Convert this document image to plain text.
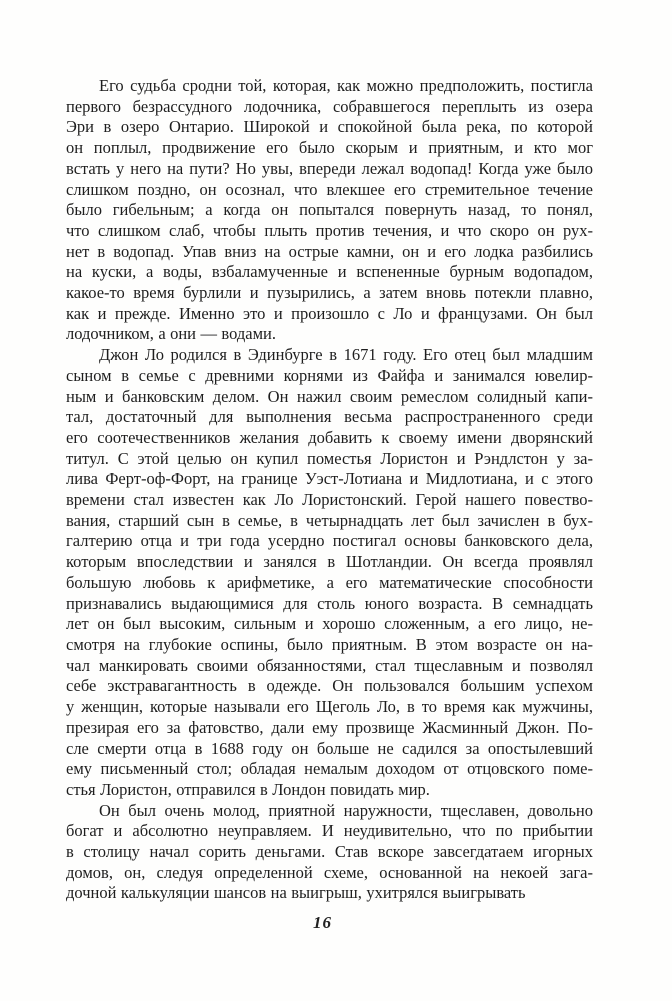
Его судьба сродни той, которая, как можно предположить, постигла
первого безрассудного лодочника, собравшегося переплыть из озера
Эри в озеро Онтарио. Широкой и спокойной была река, по которой
он поплыл, продвижение его было скорым и приятным, и кто мог
встать у него на пути? Но увы, впереди лежал водопад! Когда уже было
слишком поздно, он осознал, что влекшее его стремительное течение
было гибельным; а когда он попытался повернуть назад, то понял,
что слишком слаб, чтобы плыть против течения, и что скоро он рух-
нет в водопад. Упав вниз на острые камни, он и его лодка разбились
на куски, а воды, взбаламученные и вспененные бурным водопадом,
какое-то время бурлили и пузырились, а затем вновь потекли плавно,
как и прежде. Именно это и произошло с Ло и французами. Он был
лодочником, а они — водами.
Джон Ло родился в Эдинбурге в 1671 году. Его отец был младшим
сыном в семье с древними корнями из Файфа и занимался ювелир-
ным и банковским делом. Он нажил своим ремеслом солидный капи-
тал, достаточный для выполнения весьма распространенного среди
его соотечественников желания добавить к своему имени дворянский
титул. С этой целью он купил поместья Лористон и Рэндлстон у за-
лива Ферт-оф-Форт, на границе Уэст-Лотиана и Мидлотиана, и с этого
времени стал известен как Ло Лористонский. Герой нашего повество-
вания, старший сын в семье, в четырнадцать лет был зачислен в бух-
галтерию отца и три года усердно постигал основы банковского дела,
которым впоследствии и занялся в Шотландии. Он всегда проявлял
большую любовь к арифметике, а его математические способности
признавались выдающимися для столь юного возраста. В семнадцать
лет он был высоким, сильным и хорошо сложенным, а его лицо, не-
смотря на глубокие оспины, было приятным. В этом возрасте он на-
чал манкировать своими обязанностями, стал тщеславным и позволял
себе экстравагантность в одежде. Он пользовался большим успехом
у женщин, которые называли его Щеголь Ло, в то время как мужчины,
презирая его за фатовство, дали ему прозвище Жасминный Джон. По-
сле смерти отца в 1688 году он больше не садился за опостылевший
ему письменный стол; обладая немалым доходом от отцовского поме-
стья Лористон, отправился в Лондон повидать мир.
Он был очень молод, приятной наружности, тщеславен, довольно
богат и абсолютно неуправляем. И неудивительно, что по прибытии
в столицу начал сорить деньгами. Став вскоре завсегдатаем игорных
домов, он, следуя определенной схеме, основанной на некоей зага-
дочной калькуляции шансов на выигрыш, ухитрялся выигрывать
16
